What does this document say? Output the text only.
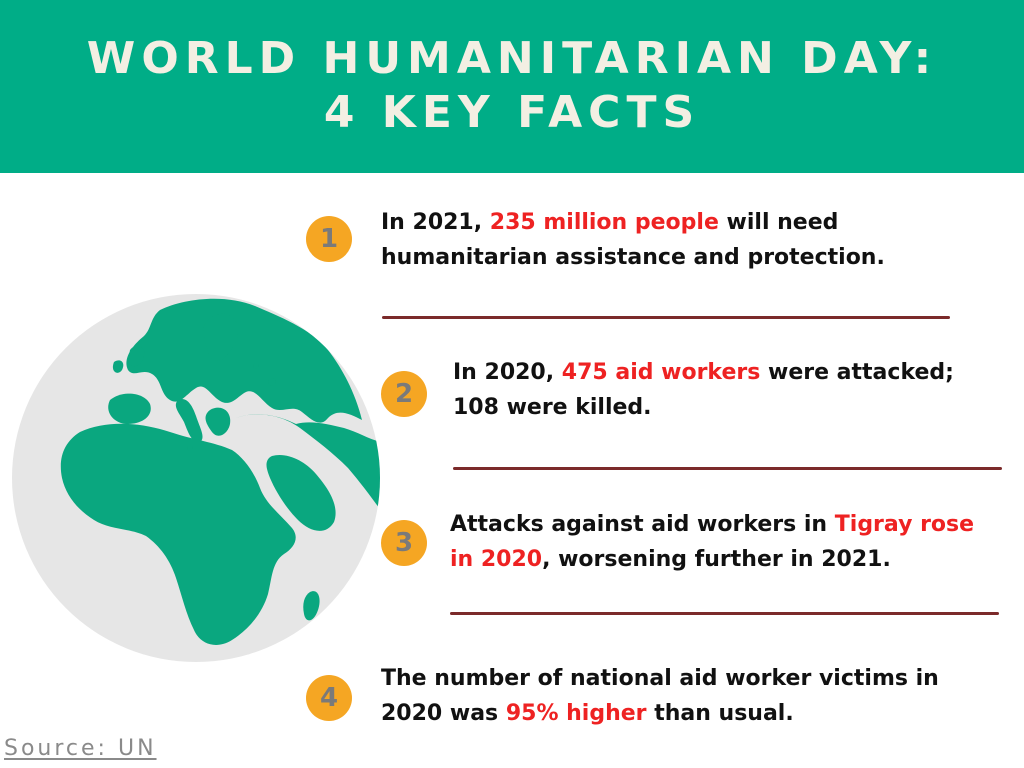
WORLD HUMANITARIAN DAY:
4 KEY FACTS
1
In 2021, 235 million people will need
humanitarian assistance and protection.
2
In 2020, 475 aid workers were attacked;
108 were killed.
3
Attacks against aid workers in Tigray rose
in 2020, worsening further in 2021.
4
The number of national aid worker victims in
2020 was 95% higher than usual.
Source: UN
